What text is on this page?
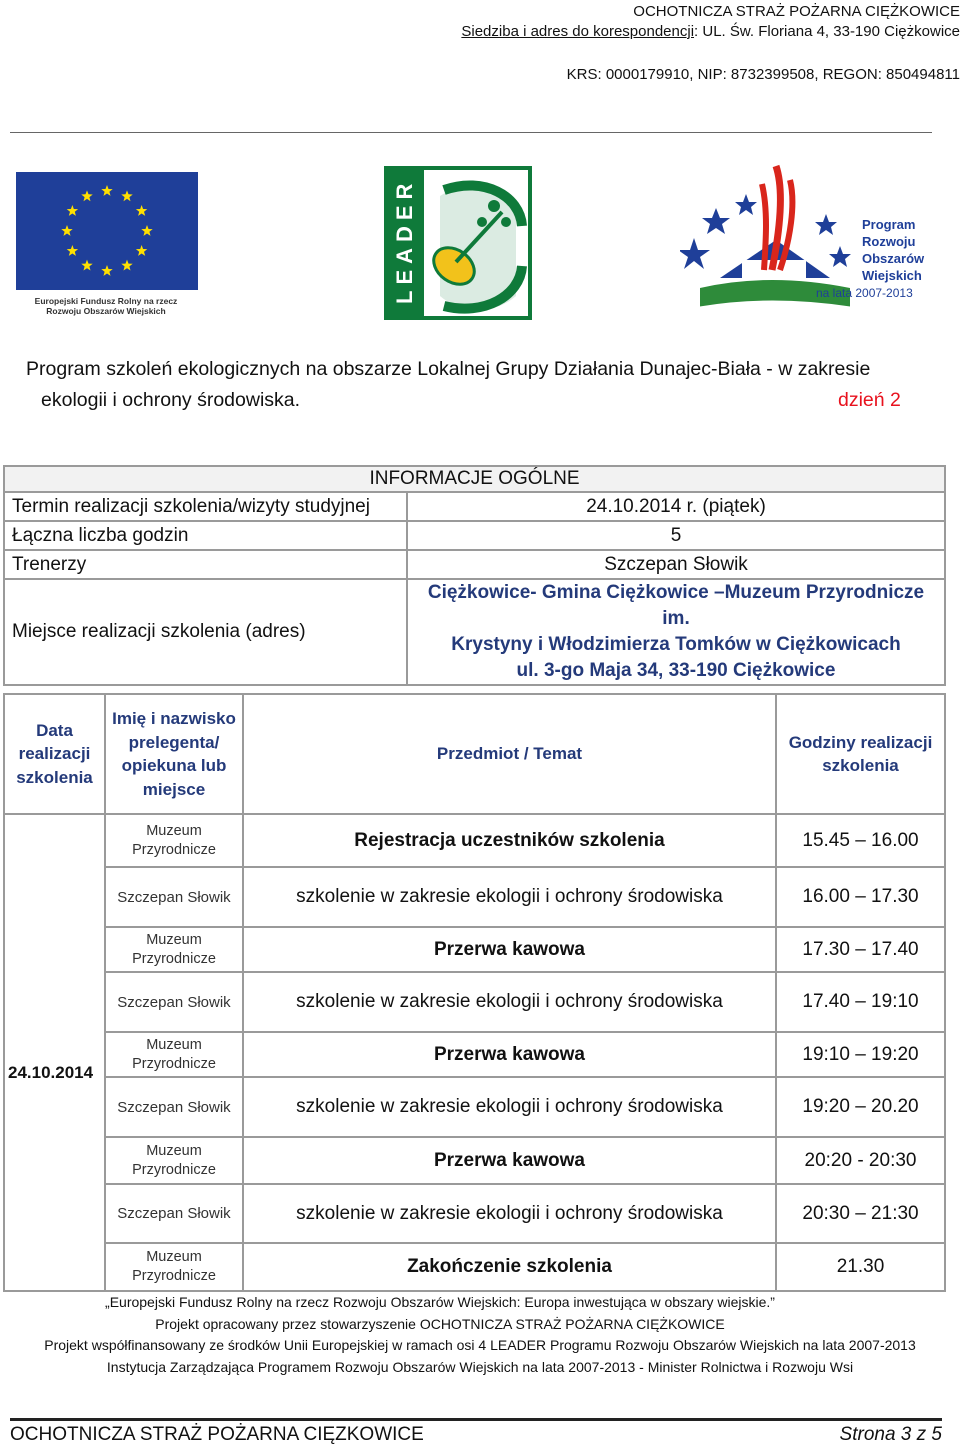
OCHOTNICZA STRAŻ POŻARNA CIĘŻKOWICE
Siedziba i adres do korespondencji: UL. Św. Floriana 4, 33-190 Ciężkowice
KRS: 0000179910, NIP: 8732399508, REGON: 850494811
Europejski Fundusz Rolny na rzecz
Rozwoju Obszarów Wiejskich
LEADER	Program
Rozwoju
Obszarów
Wiejskich
na lata 2007-2013
Program szkoleń ekologicznych na obszarze Lokalnej Grupy Działania Dunajec-Biała - w zakresie
ekologii i ochrony środowiska.	dzień 2
INFORMACJE OGÓLNE	
Termin realizacji szkolenia/wizyty studyjnej	24.10.2014 r. (piątek)
Łączna liczba godzin	5
Trenerzy	Szczepan Słowik
Miejsce realizacji szkolenia (adres)	Ciężkowice- Gmina Ciężkowice –Muzeum Przyrodnicze im.
Krystyny i Włodzimierza Tomków w Ciężkowicach
ul. 3-go Maja 34, 33-190 Ciężkowice
Data realizacji szkolenia	Imię i nazwisko prelegenta/ opiekuna lub miejsce	Przedmiot / Temat	Godziny realizacji szkolenia
24.10.2014	Muzeum Przyrodnicze	Rejestracja uczestników szkolenia	15.45 – 16.00
	Szczepan Słowik	szkolenie w zakresie ekologii i ochrony środowiska	16.00 – 17.30
	Muzeum Przyrodnicze	Przerwa kawowa	17.30 – 17.40
	Szczepan Słowik	szkolenie w zakresie ekologii i ochrony środowiska	17.40 – 19:10
	Muzeum Przyrodnicze	Przerwa kawowa	19:10 – 19:20
	Szczepan Słowik	szkolenie w zakresie ekologii i ochrony środowiska	19:20 – 20.20
	Muzeum Przyrodnicze	Przerwa kawowa	20:20 - 20:30
	Szczepan Słowik	szkolenie w zakresie ekologii i ochrony środowiska	20:30 – 21:30
	Muzeum Przyrodnicze	Zakończenie szkolenia	21.30
„Europejski Fundusz Rolny na rzecz Rozwoju Obszarów Wiejskich: Europa inwestująca w obszary wiejskie.”
Projekt opracowany przez stowarzyszenie OCHOTNICZA STRAŻ POŻARNA CIĘŻKOWICE
Projekt współfinansowany ze środków Unii Europejskiej w ramach osi 4 LEADER Programu Rozwoju Obszarów Wiejskich na lata 2007-2013
Instytucja Zarządzająca Programem Rozwoju Obszarów Wiejskich na lata 2007-2013 - Minister Rolnictwa i Rozwoju Wsi
OCHOTNICZA STRAŻ POŻARNA CIĘZKOWICE	Strona 3 z 5
